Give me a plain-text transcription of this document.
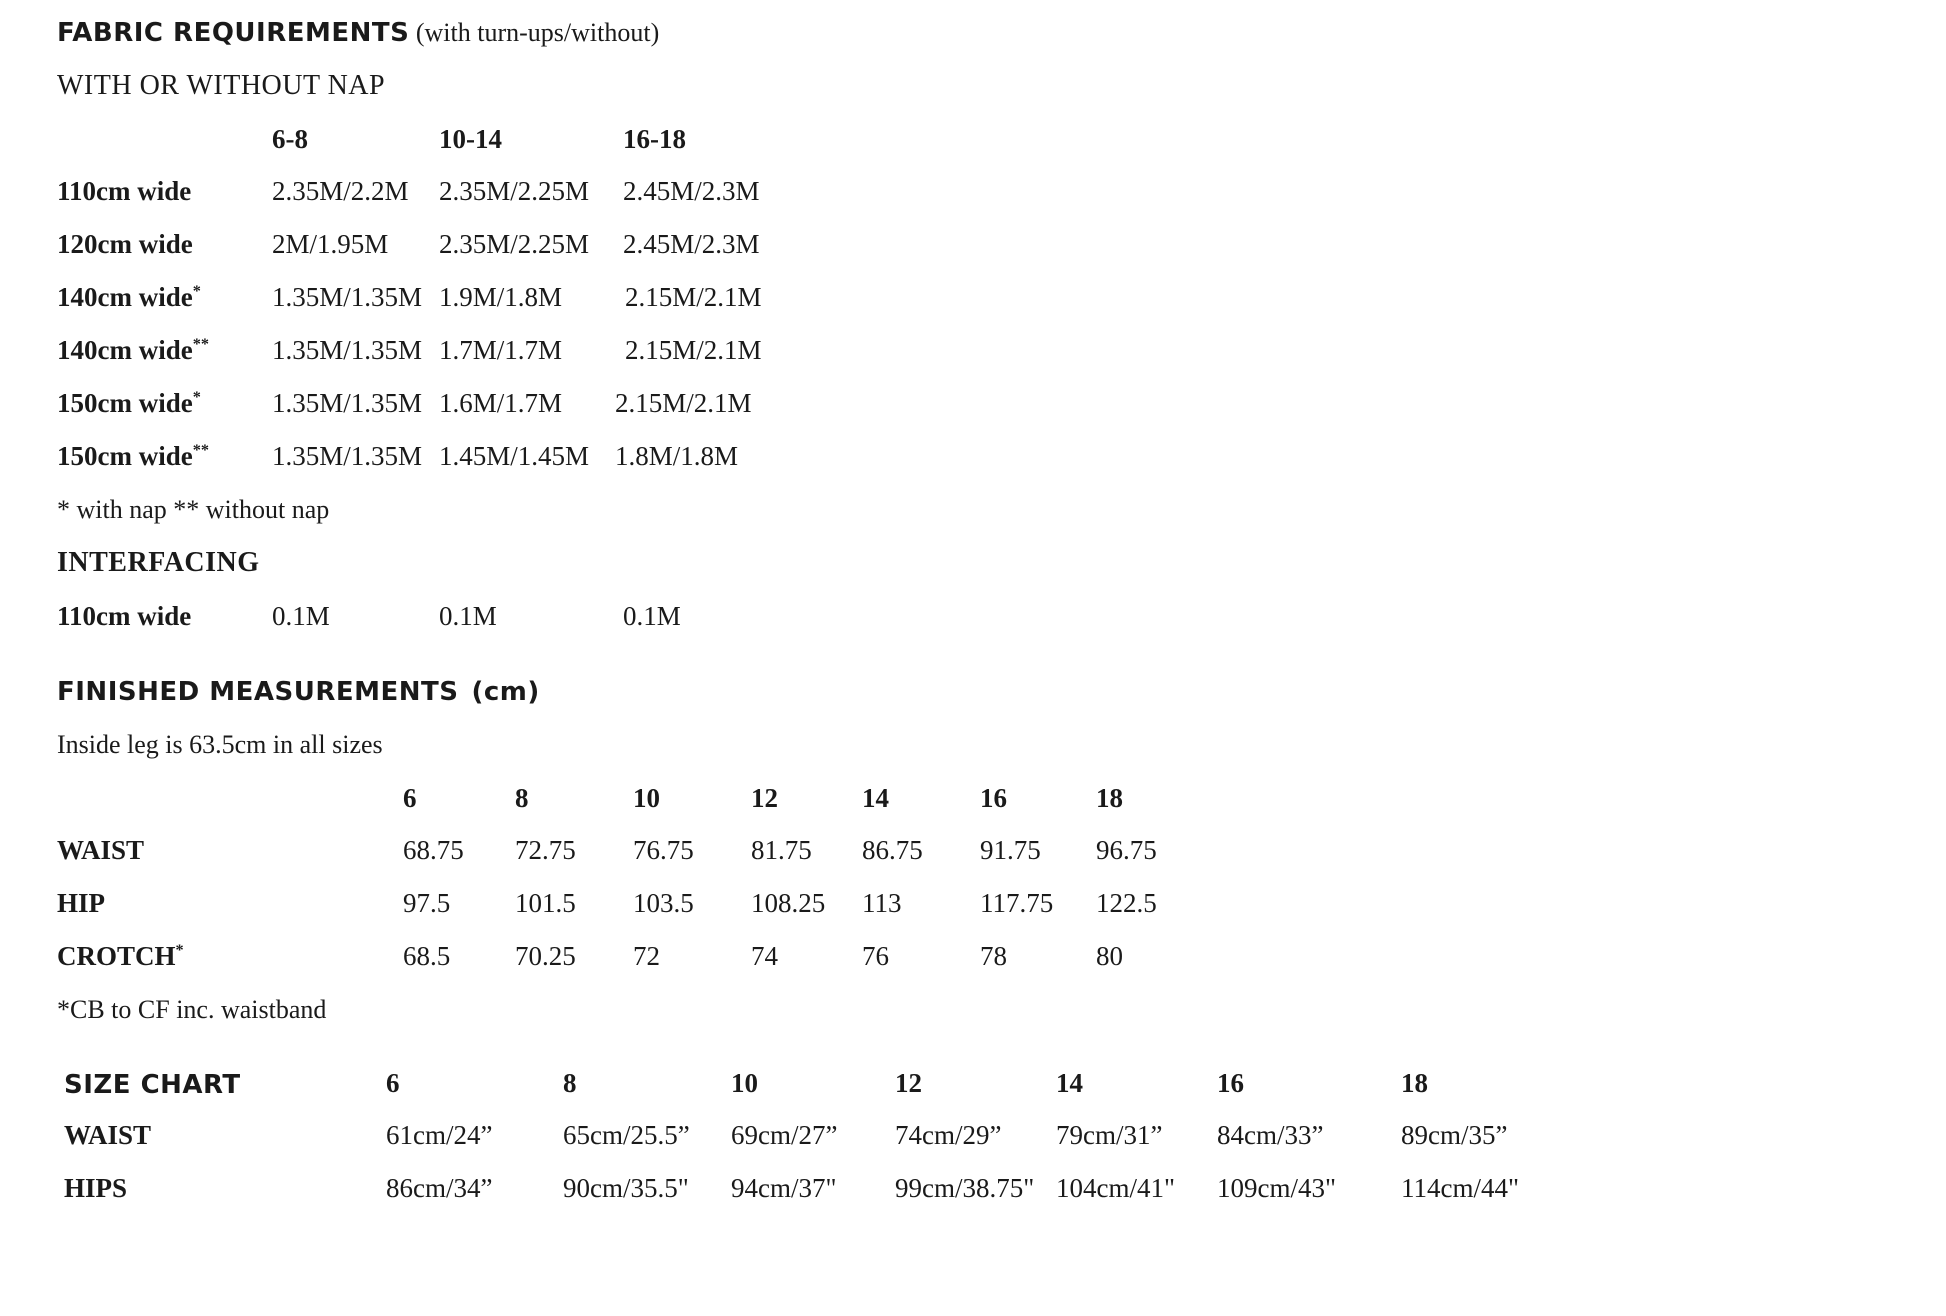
FABRIC REQUIREMENTS (with turn-ups/without)
WITH OR WITHOUT NAP
6-8	10-14	16-18
110cm wide	2.35M/2.2M 2.35M/2.25M 2.45M/2.3M
120cm wide	2M/1.95M 2.35M/2.25M 2.45M/2.3M
140cm wide*	1.35M/1.35M 1.9M/1.8M 2.15M/2.1M
140cm wide** 1.35M/1.35M 1.7M/1.7M 2.15M/2.1M
150cm wide*	1.35M/1.35M 1.6M/1.7M 2.15M/2.1M
150cm wide** 1.35M/1.35M 1.45M/1.45M 1.8M/1.8M
* with nap ** without nap
INTERFACING
110cm wide	0.1M	0.1M	0.1M
FINISHED MEASUREMENTS (cm)
Inside leg is 63.5cm in all sizes
6	8	10	12	14	16	18
WAIST	68.75 72.75 76.75 81.75 86.75 91.75 96.75
HIP	97.5 101.5 103.5 108.25 113	117.75 122.5
CROTCH*	68.5 70.25 72	74	76	78	80
*CB to CF inc. waistband
SIZE CHART	6	8	10	12	14	16	18
WAIST	61cm/24”	65cm/25.5” 69cm/27” 74cm/29” 79cm/31” 84cm/33”	89cm/35”
HIPS	86cm/34”	90cm/35.5" 94cm/37" 99cm/38.75" 104cm/41" 109cm/43" 114cm/44"
